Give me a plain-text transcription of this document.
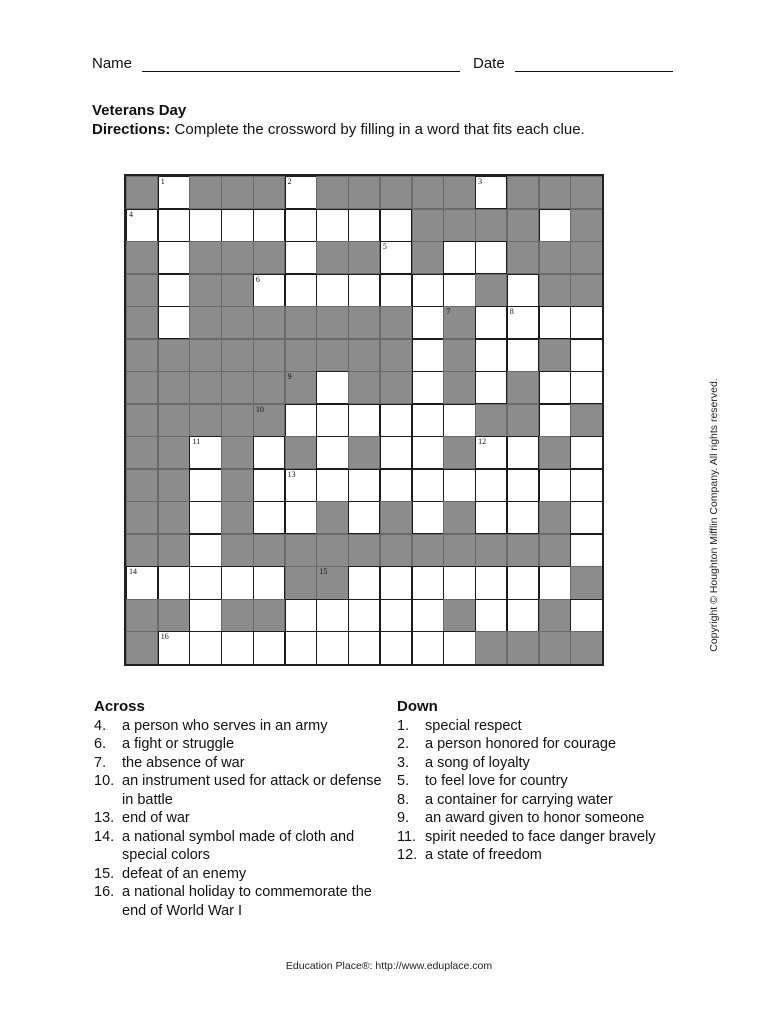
Name	Date
Veterans Day
Directions: Complete the crossword by filling in a word that fits each clue.
1	2	3
4
5
6
7	8
9
10
11	12
13
14	15
16	Copyright © Houghton Mifflin Company. All rights reserved.
Across
4. a person who serves in an army
6. a fight or struggle
7. the absence of war
10. an instrument used for attack or defense in battle
13. end of war
14. a national symbol made of cloth and special colors
15. defeat of an enemy
16. a national holiday to commemorate the end of World War I
Down
1. special respect
2. a person honored for courage
3. a song of loyalty
5. to feel love for country
8. a container for carrying water
9. an award given to honor someone
11. spirit needed to face danger bravely
12. a state of freedom
Education Place®: http://www.eduplace.com
